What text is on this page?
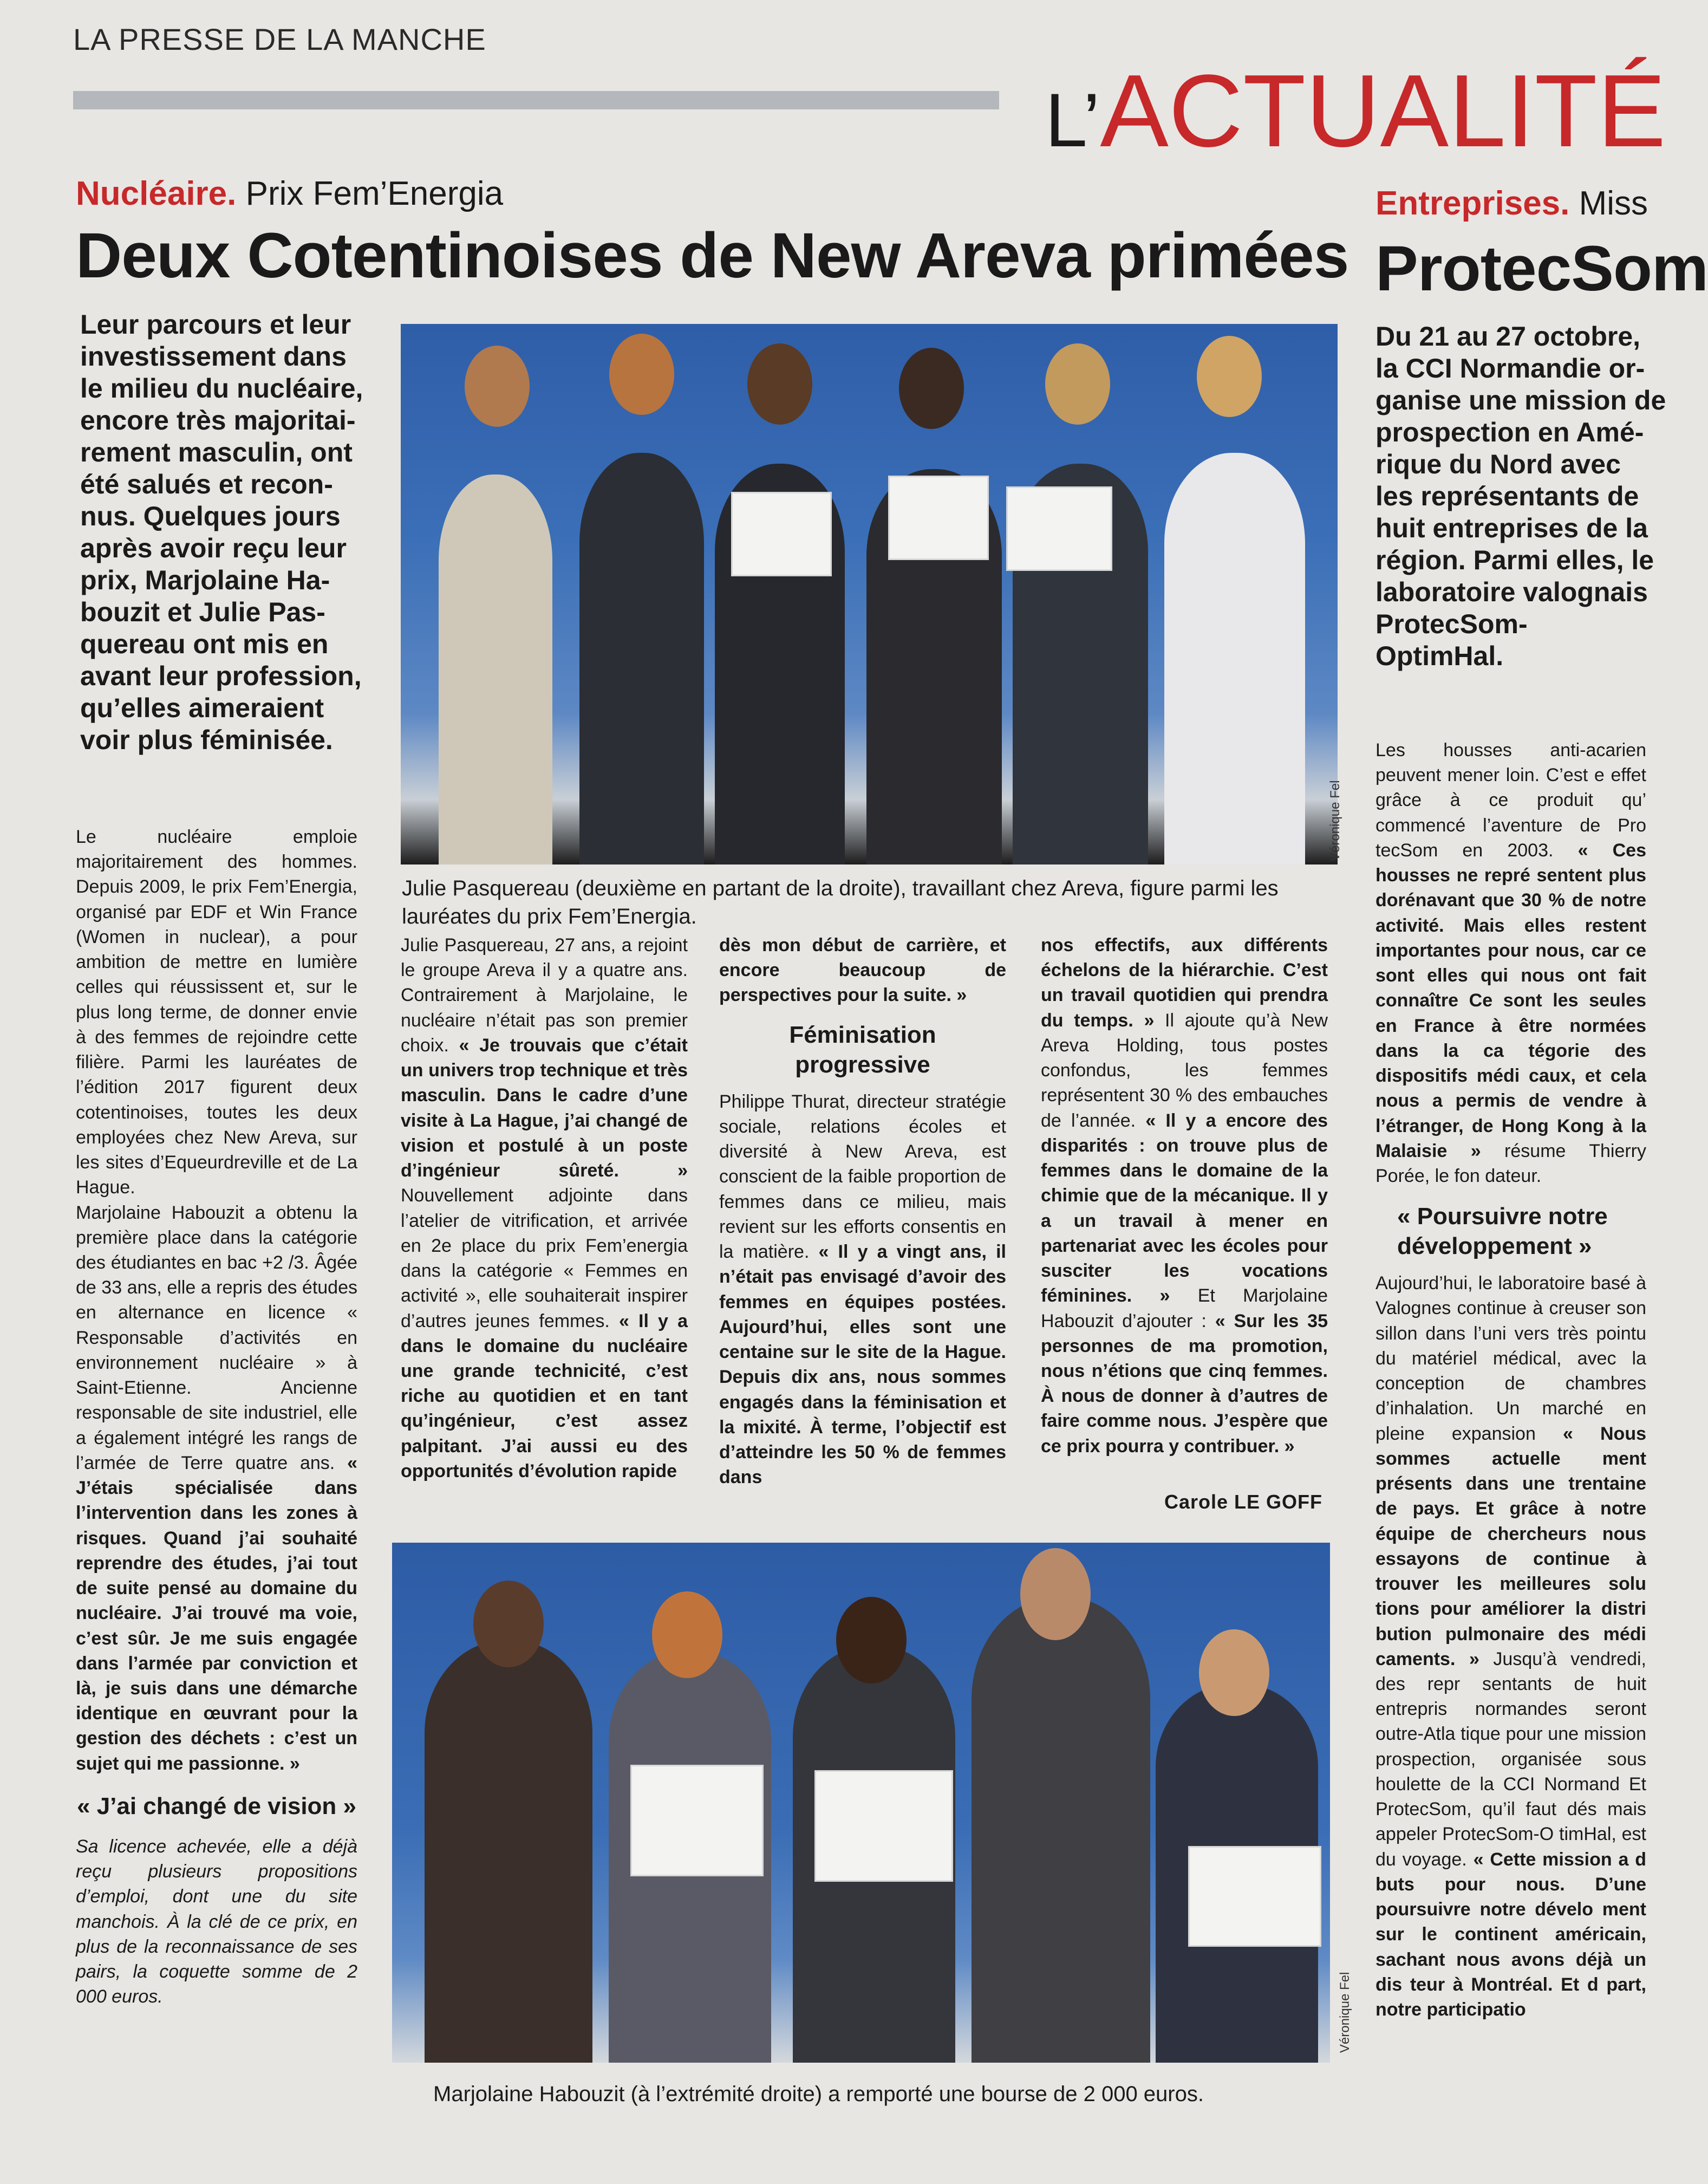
LA PRESSE DE LA MANCHE
L’ACTUALITÉ
Nucléaire. Prix Fem’Energia
Deux Cotentinoises de New Areva primées
Leur parcours et leur
investissement dans
le milieu du nucléaire,
encore très majoritai-
rement masculin, ont
été salués et recon-
nus. Quelques jours
après avoir reçu leur
prix, Marjolaine Ha-
bouzit et Julie Pas-
quereau ont mis en
avant leur profession,
qu’elles aimeraient
voir plus féminisée.
Véronique Fel
Julie Pasquereau (deuxième en partant de la droite), travaillant chez Areva, figure parmi les lauréates du prix Fem’Energia.
Le nucléaire emploie majoritairement des hommes. Depuis 2009, le prix Fem’Energia, organisé par EDF et Win France (Women in nuclear), a pour ambition de mettre en lumière celles qui réussissent et, sur le plus long terme, de donner envie à des femmes de rejoindre cette filière. Parmi les lauréates de l’édition 2017 figurent deux cotentinoises, toutes les deux employées chez New Areva, sur les sites d’Equeurdreville et de La Hague.
Marjolaine Habouzit a obtenu la première place dans la catégorie des étudiantes en bac +2 /3. Âgée de 33 ans, elle a repris des études en alternance en licence « Responsable d’activités en environnement nucléaire » à Saint-Etienne. Ancienne responsable de site industriel, elle a également intégré les rangs de l’armée de Terre quatre ans. « J’étais spécialisée dans l’intervention dans les zones à risques. Quand j’ai souhaité reprendre des études, j’ai tout de suite pensé au domaine du nucléaire. J’ai trouvé ma voie, c’est sûr. Je me suis engagée dans l’armée par conviction et là, je suis dans une démarche identique en œuvrant pour la gestion des déchets : c’est un sujet qui me passionne. »
« J’ai changé de vision »
Sa licence achevée, elle a déjà reçu plusieurs propositions d’emploi, dont une du site manchois. À la clé de ce prix, en plus de la reconnaissance de ses pairs, la coquette somme de 2 000 euros.
Julie Pasquereau, 27 ans, a rejoint le groupe Areva il y a quatre ans. Contrairement à Marjolaine, le nucléaire n’était pas son premier choix. « Je trouvais que c’était un univers trop technique et très masculin. Dans le cadre d’une visite à La Hague, j’ai changé de vision et postulé à un poste d’ingénieur sûreté. » Nouvellement adjointe dans l’atelier de vitrification, et arrivée en 2e place du prix Fem’energia dans la catégorie « Femmes en activité », elle souhaiterait inspirer d’autres jeunes femmes. « Il y a dans le domaine du nucléaire une grande technicité, c’est riche au quotidien et en tant qu’ingénieur, c’est assez palpitant. J’ai aussi eu des opportunités d’évolution rapide
dès mon début de carrière, et encore beaucoup de perspectives pour la suite. »
Féminisation progressive
Philippe Thurat, directeur stratégie sociale, relations écoles et diversité à New Areva, est conscient de la faible proportion de femmes dans ce milieu, mais revient sur les efforts consentis en la matière. « Il y a vingt ans, il n’était pas envisagé d’avoir des femmes en équipes postées. Aujourd’hui, elles sont une centaine sur le site de la Hague. Depuis dix ans, nous sommes engagés dans la féminisation et la mixité. À terme, l’objectif est d’atteindre les 50 % de femmes dans
nos effectifs, aux différents échelons de la hiérarchie. C’est un travail quotidien qui prendra du temps. » Il ajoute qu’à New Areva Holding, tous postes confondus, les femmes représentent 30 % des embauches de l’année. « Il y a encore des disparités : on trouve plus de femmes dans le domaine de la chimie que de la mécanique. Il y a un travail à mener en partenariat avec les écoles pour susciter les vocations féminines. » Et Marjolaine Habouzit d’ajouter : « Sur les 35 personnes de ma promotion, nous n’étions que cinq femmes. À nous de donner à d’autres de faire comme nous. J’espère que ce prix pourra y contribuer. »
Carole LE GOFF
Véronique Fel
Marjolaine Habouzit (à l’extrémité droite) a remporté une bourse de 2 000 euros.
Entreprises. Miss
ProtecSom
Du 21 au 27 octobre,
la CCI Normandie or-
ganise une mission de
prospection en Amé-
rique du Nord avec
les représentants de
huit entreprises de la
région. Parmi elles, le
laboratoire valognais
ProtecSom-
OptimHal.
Les housses anti-acarien peuvent mener loin. C’est e effet grâce à ce produit qu’ commencé l’aventure de Pro tecSom en 2003. « Ces housses ne repré sentent plus dorénavant que 30 % de notre activité. Mais elles restent importantes pour nous, car ce sont elles qui nous ont fait connaître Ce sont les seules en France à être normées dans la ca tégorie des dispositifs médi caux, et cela nous a permis de vendre à l’étranger, de Hong Kong à la Malaisie » résume Thierry Porée, le fon dateur.
« Poursuivre notre développement »
Aujourd’hui, le laboratoire basé à Valognes continue à creuser son sillon dans l’uni vers très pointu du matériel médical, avec la conception de chambres d’inhalation. Un marché en pleine expansion « Nous sommes actuelle ment présents dans une trentaine de pays. Et grâce à notre équipe de chercheurs nous essayons de continue à trouver les meilleures solu tions pour améliorer la distri bution pulmonaire des médi caments. » Jusqu’à vendredi, des repr sentants de huit entrepris normandes seront outre-Atla tique pour une mission prospection, organisée sous houlette de la CCI Normand Et ProtecSom, qu’il faut dés mais appeler ProtecSom-O timHal, est du voyage. « Cette mission a d buts pour nous. D’une poursuivre notre dévelo ment sur le continent américain, sachant nous avons déjà un dis teur à Montréal. Et d part, notre participatio
